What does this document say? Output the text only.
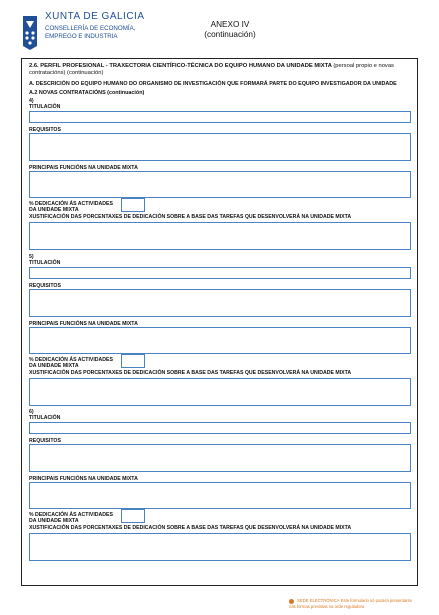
XUNTA DE GALICIA
CONSELLERÍA DE ECONOMÍA,
EMPREGO E INDUSTRIA
ANEXO IV
(continuación)
2.6. PERFIL PROFESIONAL - TRAXECTORIA CIENTÍFICO-TÉCNICA DO EQUIPO HUMANO DA UNIDADE MIXTA (persoal propio e novas contratacións) (continuación)
A. DESCRICIÓN DO EQUIPO HUMANO DO ORGANISMO DE INVESTIGACIÓN QUE FORMARÁ PARTE DO EQUIPO INVESTIGADOR DA UNIDADE
A.2 NOVAS CONTRATACIÓNS (continuación)
4)
TITULACIÓN
REQUISITOS
PRINCIPAIS FUNCIÓNS NA UNIDADE MIXTA
% DEDICACIÓN ÁS ACTIVIDADES
DA UNIDADE MIXTA
XUSTIFICACIÓN DAS PORCENTAXES DE DEDICACIÓN SOBRE A BASE DAS TAREFAS QUE DESENVOLVERÁ NA UNIDADE MIXTA
5)
TITULACIÓN
REQUISITOS
PRINCIPAIS FUNCIÓNS NA UNIDADE MIXTA
% DEDICACIÓN ÁS ACTIVIDADES
DA UNIDADE MIXTA
XUSTIFICACIÓN DAS PORCENTAXES DE DEDICACIÓN SOBRE A BASE DAS TAREFAS QUE DESENVOLVERÁ NA UNIDADE MIXTA
6)
TITULACIÓN
REQUISITOS
PRINCIPAIS FUNCIÓNS NA UNIDADE MIXTA
% DEDICACIÓN ÁS ACTIVIDADES
DA UNIDADE MIXTA
XUSTIFICACIÓN DAS PORCENTAXES DE DEDICACIÓN SOBRE A BASE DAS TAREFAS QUE DESENVOLVERÁ NA UNIDADE MIXTA
SEDE ELECTRÓNICA Este formulario só poderá presentarse nas formas previstas na orde reguladora
